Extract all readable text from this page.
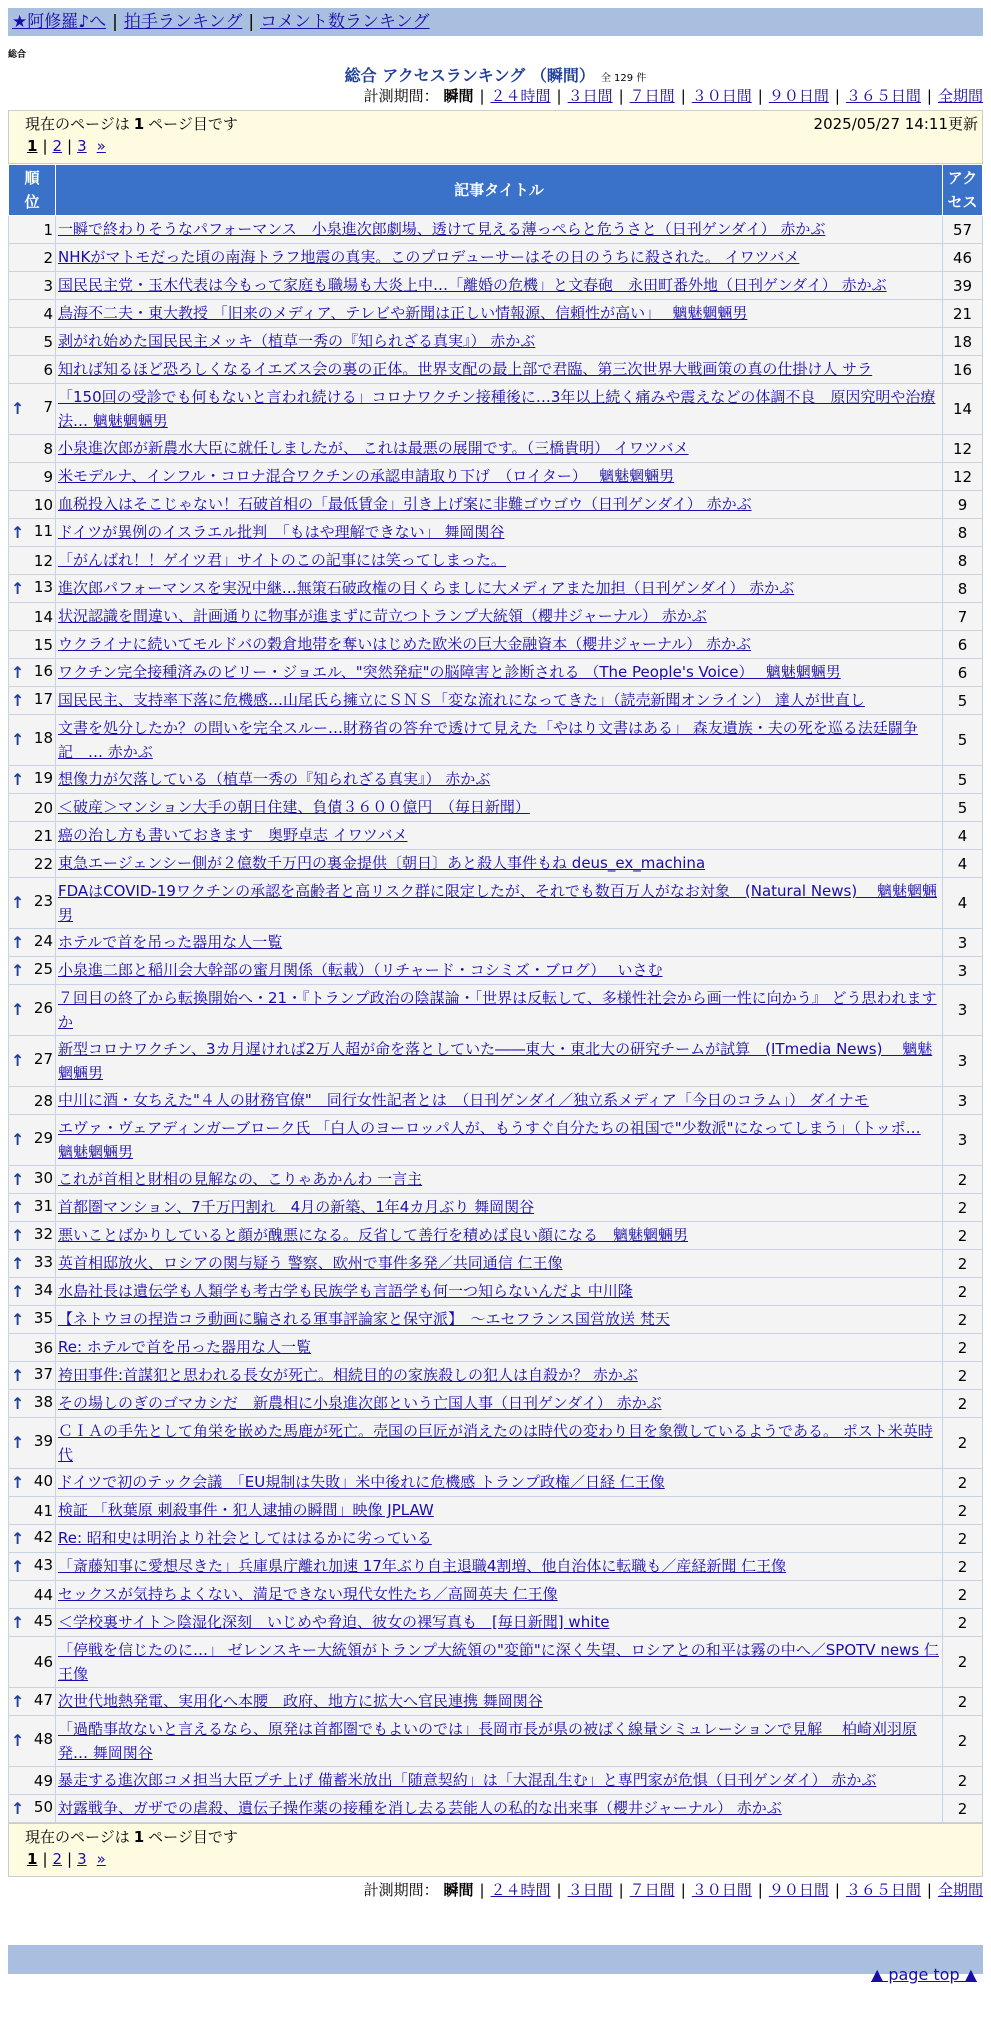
★阿修羅♪へ | 拍手ランキング | コメント数ランキング
総合
総合 アクセスランキング （瞬間） 全 129 件
計測期間： 瞬間 | ２４時間 | ３日間 | ７日間 | ３０日間 | ９０日間 | ３６５日間 | 全期間
現在のページは 1 ページ目です	2025/05/27 14:11更新
1 | 2 | 3 »
順
位	記事タイトル	アク
セス
1	一瞬で終わりそうなパフォーマンス　小泉進次郎劇場、透けて見える薄っぺらと危うさと（日刊ゲンダイ） 赤かぶ	57
2	NHKがマトモだった頃の南海トラフ地震の真実。このプロデューサーはその日のうちに殺された。 イワツバメ	46
3	国民民主党・玉木代表は今もって家庭も職場も大炎上中…「離婚の危機」と文春砲　永田町番外地（日刊ゲンダイ） 赤かぶ	39
4	鳥海不二夫・東大教授 「旧来のメディア、テレビや新聞は正しい情報源、信頼性が高い」　 魑魅魍魎男	21
5	剥がれ始めた国民民主メッキ（植草一秀の『知られざる真実』） 赤かぶ	18
6	知れば知るほど恐ろしくなるイエズス会の裏の正体。世界支配の最上部で君臨、第三次世界大戦画策の真の仕掛け人 サラ	16

↑ 7	「150回の受診でも何もないと言われ続ける」コロナワクチン接種後に…3年以上続く痛みや震えなどの体調不良　原因究明や治療法… 魑魅魍魎男	14
8	小泉進次郎が新農水大臣に就任しましたが、 これは最悪の展開です。（三橋貴明） イワツバメ	12
9	米モデルナ、インフル・コロナ混合ワクチンの承認申請取り下げ　（ロイター）　 魑魅魍魎男	12
10	血税投入はそこじゃない！石破首相の「最低賃金」引き上げ案に非難ゴウゴウ（日刊ゲンダイ） 赤かぶ	9

↑ 11	ドイツが異例のイスラエル批判　「もはや理解できない」 舞岡関谷	8
12	「がんばれ！！ゲイツ君」サイトのこの記事には笑ってしまった。	8

↑ 13	進次郎パフォーマンスを実況中継…無策石破政権の目くらましに大メディアまた加担（日刊ゲンダイ） 赤かぶ	8
14	状況認識を間違い、計画通りに物事が進まずに苛立つトランプ大統領（櫻井ジャーナル） 赤かぶ	7
15	ウクライナに続いてモルドバの穀倉地帯を奪いはじめた欧米の巨大金融資本（櫻井ジャーナル） 赤かぶ	6

↑ 16	ワクチン完全接種済みのビリー・ジョエル、"突然発症"の脳障害と診断される （The People's Voice）　 魑魅魍魎男	6

↑ 17	国民民主、支持率下落に危機感…山尾氏ら擁立にＳＮＳ「変な流れになってきた」（読売新聞オンライン） 達人が世直し	5

↑ 18	文書を処分したか？の問いを完全スルー…財務省の答弁で透けて見えた「やはり文書はある」 森友遺族・夫の死を巡る法廷闘争記　… 赤かぶ	5

↑ 19	想像力が欠落している（植草一秀の『知られざる真実』） 赤かぶ	5
20	＜破産＞マンション大手の朝日住建、負債３６００億円　（毎日新聞）	5
21	癌の治し方も書いておきます　奥野卓志 イワツバメ	4
22	東急エージェンシー側が２億数千万円の裏金提供〔朝日〕あと殺人事件もね deus_ex_machina	4

↑ 23	FDAはCOVID-19ワクチンの承認を高齢者と高リスク群に限定したが、それでも数百万人がなお対象　(Natural News)　 魑魅魍魎男	4

↑ 24	ホテルで首を吊った器用な人一覧	3

↑ 25	小泉進二郎と稲川会大幹部の蜜月関係（転載）（リチャード・コシミズ・ブログ）　 いさむ	3

↑ 26	７回目の終了から転換開始へ・21・『トランプ政治の陰謀論・「世界は反転して、多様性社会から画一性に向かう』 どう思われますか	3

↑ 27	新型コロナワクチン、3カ月遅ければ2万人超が命を落としていた――東大・東北大の研究チームが試算　(ITmedia News)　 魑魅魍魎男	3
28	中川に酒・女ちえた"４人の財務官僚"　同行女性記者とは　（日刊ゲンダイ／独立系メディア「今日のコラム」） ダイナモ	3

↑ 29	エヴァ・ヴェアディンガーブローク氏 「白人のヨーロッパ人が、もうすぐ自分たちの祖国で"少数派"になってしまう」（トッポ… 魑魅魍魎男	3

↑ 30	これが首相と財相の見解なの、こりゃあかんわ 一言主	2

↑ 31	首都圏マンション、7千万円割れ　4月の新築、1年4カ月ぶり 舞岡関谷	2

↑ 32	悪いことばかりしていると顔が醜悪になる。反省して善行を積めば良い顔になる　魑魅魍魎男	2

↑ 33	英首相邸放火、ロシアの関与疑う 警察、欧州で事件多発／共同通信 仁王像	2

↑ 34	水島社長は遺伝学も人類学も考古学も民族学も言語学も何一つ知らないんだよ 中川隆	2

↑ 35	【ネトウヨの捏造コラ動画に騙される軍事評論家と保守派】　～エセフランス国営放送 梵天	2
36	Re: ホテルで首を吊った器用な人一覧	2

↑ 37	袴田事件:首謀犯と思われる長女が死亡。相続目的の家族殺しの犯人は自殺か？ 赤かぶ	2

↑ 38	その場しのぎのゴマカシだ　新農相に小泉進次郎という亡国人事（日刊ゲンダイ） 赤かぶ	2

↑ 39	ＣＩＡの手先として角栄を嵌めた馬鹿が死亡。売国の巨匠が消えたのは時代の変わり目を象徴しているようである。 ポスト米英時代	2

↑ 40	ドイツで初のテック会議　「EU規制は失敗」米中後れに危機感 トランプ政権／日経 仁王像	2
41	検証 「秋葉原 刺殺事件・犯人逮捕の瞬間」映像 JPLAW	2

↑ 42	Re: 昭和史は明治より社会としてははるかに劣っている	2

↑ 43	「斎藤知事に愛想尽きた」兵庫県庁離れ加速 17年ぶり自主退職4割増、他自治体に転職も／産経新聞 仁王像	2
44	セックスが気持ちよくない、満足できない現代女性たち／高岡英夫 仁王像	2

↑ 45	＜学校裏サイト＞陰湿化深刻　いじめや脅迫、彼女の裸写真も　[毎日新聞] white	2
46	「停戦を信じたのに…」 ゼレンスキー大統領がトランプ大統領の"変節"に深く失望、ロシアとの和平は霧の中へ／SPOTV news 仁王像	2

↑ 47	次世代地熱発電、実用化へ本腰　政府、地方に拡大へ官民連携 舞岡関谷	2

↑ 48	「過酷事故ないと言えるなら、原発は首都圏でもよいのでは」長岡市長が県の被ばく線量シミュレーションで見解　 柏崎刈羽原発… 舞岡関谷	2
49	暴走する進次郎コメ担当大臣プチ上げ 備蓄米放出「随意契約」は「大混乱生む」と専門家が危惧（日刊ゲンダイ） 赤かぶ	2

↑ 50	対露戦争、ガザでの虐殺、遺伝子操作薬の接種を消し去る芸能人の私的な出来事（櫻井ジャーナル） 赤かぶ	2
現在のページは 1 ページ目です
1 | 2 | 3 »
計測期間： 瞬間 | ２４時間 | ３日間 | ７日間 | ３０日間 | ９０日間 | ３６５日間 | 全期間
▲ page top ▲
